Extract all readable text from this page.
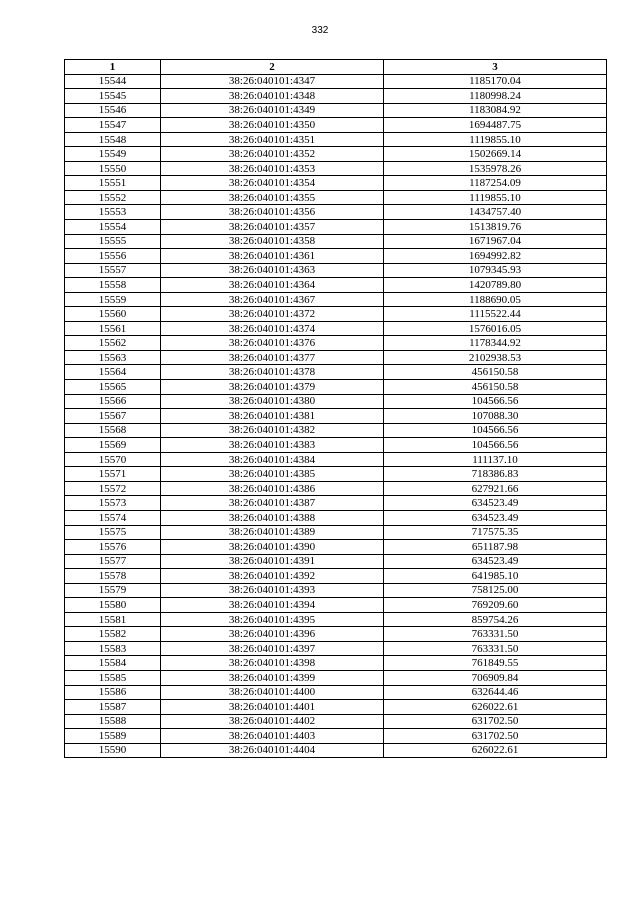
332
1	2	3
15544	38:26:040101:4347	1185170.04
15545	38:26:040101:4348	1180998.24
15546	38:26:040101:4349	1183084.92
15547	38:26:040101:4350	1694487.75
15548	38:26:040101:4351	1119855.10
15549	38:26:040101:4352	1502669.14
15550	38:26:040101:4353	1535978.26
15551	38:26:040101:4354	1187254.09
15552	38:26:040101:4355	1119855.10
15553	38:26:040101:4356	1434757.40
15554	38:26:040101:4357	1513819.76
15555	38:26:040101:4358	1671967.04
15556	38:26:040101:4361	1694992.82
15557	38:26:040101:4363	1079345.93
15558	38:26:040101:4364	1420789.80
15559	38:26:040101:4367	1188690.05
15560	38:26:040101:4372	1115522.44
15561	38:26:040101:4374	1576016.05
15562	38:26:040101:4376	1178344.92
15563	38:26:040101:4377	2102938.53
15564	38:26:040101:4378	456150.58
15565	38:26:040101:4379	456150.58
15566	38:26:040101:4380	104566.56
15567	38:26:040101:4381	107088.30
15568	38:26:040101:4382	104566.56
15569	38:26:040101:4383	104566.56
15570	38:26:040101:4384	111137.10
15571	38:26:040101:4385	718386.83
15572	38:26:040101:4386	627921.66
15573	38:26:040101:4387	634523.49
15574	38:26:040101:4388	634523.49
15575	38:26:040101:4389	717575.35
15576	38:26:040101:4390	651187.98
15577	38:26:040101:4391	634523.49
15578	38:26:040101:4392	641985.10
15579	38:26:040101:4393	758125.00
15580	38:26:040101:4394	769209.60
15581	38:26:040101:4395	859754.26
15582	38:26:040101:4396	763331.50
15583	38:26:040101:4397	763331.50
15584	38:26:040101:4398	761849.55
15585	38:26:040101:4399	706909.84
15586	38:26:040101:4400	632644.46
15587	38:26:040101:4401	626022.61
15588	38:26:040101:4402	631702.50
15589	38:26:040101:4403	631702.50
15590	38:26:040101:4404	626022.61
